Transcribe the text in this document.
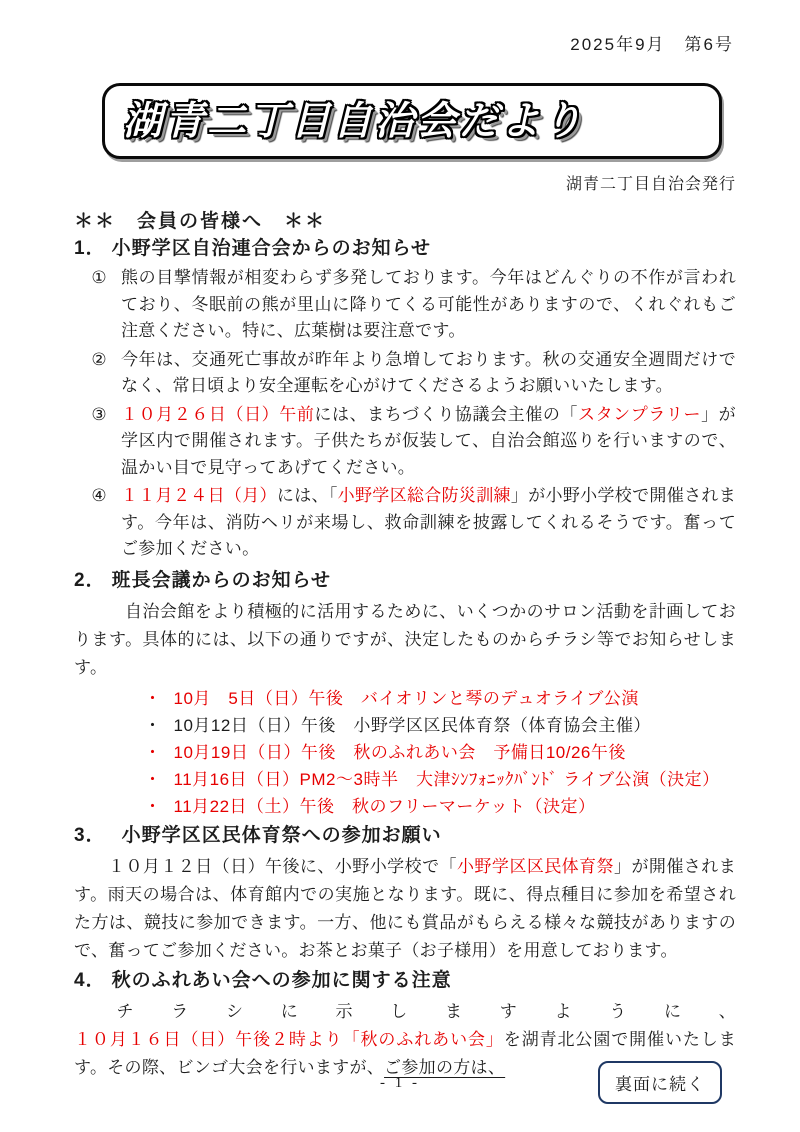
2025年9月　第6号
湖青二丁目自治会だより
湖青二丁目自治会発行
＊＊　会員の皆様へ　＊＊
1． 小野学区自治連合会からのお知らせ
① 熊の目撃情報が相変わらず多発しております。今年はどんぐりの不作が言われており、冬眠前の熊が里山に降りてくる可能性がありますので、くれぐれもご注意ください。特に、広葉樹は要注意です。
② 今年は、交通死亡事故が昨年より急増しております。秋の交通安全週間だけでなく、常日頃より安全運転を心がけてくださるようお願いいたします。
③ １０月２６日（日）午前には、まちづくり協議会主催の「スタンプラリー」が学区内で開催されます。子供たちが仮装して、自治会館巡りを行いますので、温かい目で見守ってあげてください。
④ １１月２４日（月）には、「小野学区総合防災訓練」が小野小学校で開催されます。今年は、消防ヘリが来場し、救命訓練を披露してくれるそうです。奮ってご参加ください。
2． 班長会議からのお知らせ

自治会館をより積極的に活用するために、いくつかのサロン活動を計画しております。具体的には、以下の通りですが、決定したものからチラシ等でお知らせします。

・ 10月　5日（日）午後　バイオリンと琴のデュオライブ公演
・ 10月12日（日）午後　小野学区区民体育祭（体育協会主催）
・ 10月19日（日）午後　秋のふれあい会　予備日10/26午後
・ 11月16日（日）PM2～3時半　大津ｼﾝﾌｫﾆｯｸﾊﾞﾝﾄﾞ ライブ公演（決定）
・ 11月22日（土）午後　秋のフリーマーケット（決定）
3． 小野学区区民体育祭への参加お願い

１０月１２日（日）午後に、小野小学校で「小野学区区民体育祭」が開催されます。雨天の場合は、体育館内での実施となります。既に、得点種目に参加を希望された方は、競技に参加できます。一方、他にも賞品がもらえる様々な競技がありますので、奮ってご参加ください。お茶とお菓子（お子様用）を用意しております。

4． 秋のふれあい会への参加に関する注意

チラシに示しますように、１０月１６日（日）午後２時より「秋のふれあい会」を湖青北公園で開催いたします。その際、ビンゴ大会を行いますが、ご参加の方は、

- 1 -	裏面に続く
